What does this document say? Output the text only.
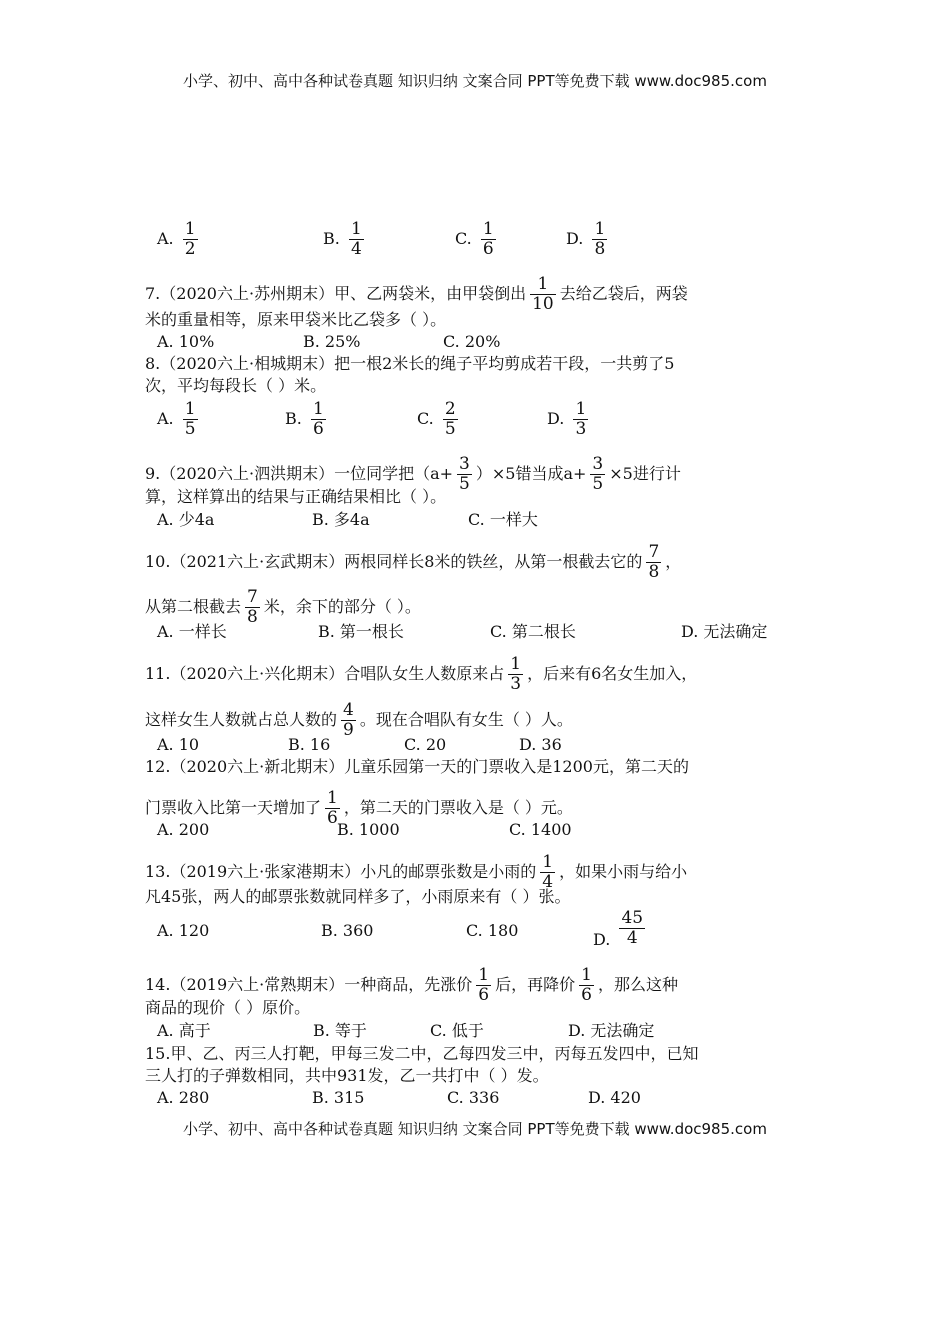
小学、初中、高中各种试卷真题 知识归纳 文案合同 PPT等免费下载 www.doc985.com
A. $\frac{1}{2}$	B. $\frac{1}{4}$	C. $\frac{1}{6}$	D. $\frac{1}{8}$
7.（2020六上·苏州期末）甲、乙两袋米，由甲袋倒出 $\frac{1}{10}$ 去给乙袋后，两袋
米的重量相等，原来甲袋米比乙袋多（ ）。
A. 10%	B. 25%	C. 20%
8.（2020六上·相城期末）把一根2米长的绳子平均剪成若干段，一共剪了5
次，平均每段长（ ）米。
A. $\frac{1}{5}$	B. $\frac{1}{6}$	C. $\frac{2}{5}$	D. $\frac{1}{3}$
9.（2020六上·泗洪期末）一位同学把$(a+ \frac{3}{5} )\times 5$错当成$a+ \frac{3}{5} \times 5$进行计
算，这样算出的结果与正确结果相比（ ）。
A. 少4a	B. 多4a	C. 一样大
10.（2021六上·玄武期末）两根同样长8米的铁丝，从第一根截去它的 $\frac{7}{8}$ ，
从第二根截去 $\frac{7}{8}$ 米，余下的部分（ ）。
A. 一样长	B. 第一根长	C. 第二根长	D. 无法确定
11.（2020六上·兴化期末）合唱队女生人数原来占 $\frac{1}{3}$ ，后来有6名女生加入，
这样女生人数就占总人数的 $\frac{4}{9}$ 。现在合唱队有女生（ ）人。
A. 10	B. 16	C. 20	D. 36
12.（2020六上·新北期末）儿童乐园第一天的门票收入是1200元，第二天的
门票收入比第一天增加了 $\frac{1}{6}$ ，第二天的门票收入是（ ）元。
A. 200	B. 1000	C. 1400
13.（2019六上·张家港期末）小凡的邮票张数是小雨的 $\frac{1}{4}$ ，如果小雨与给小
凡45张，两人的邮票张数就同样多了，小雨原来有（ ）张。
A. 120	B. 360	C. 180	D. $\frac{45}{4}$
14.（2019六上·常熟期末）一种商品，先涨价 $\frac{1}{6}$ 后，再降价 $\frac{1}{6}$ ，那么这种
商品的现价（ ）原价。
A. 高于	B. 等于	C. 低于	D. 无法确定
15.甲、乙、丙三人打靶，甲每三发二中，乙每四发三中，丙每五发四中，已知
三人打的子弹数相同，共中931发，乙一共打中（ ）发。
A. 280	B. 315	C. 336	D. 420
小学、初中、高中各种试卷真题 知识归纳 文案合同 PPT等免费下载 www.doc985.com
